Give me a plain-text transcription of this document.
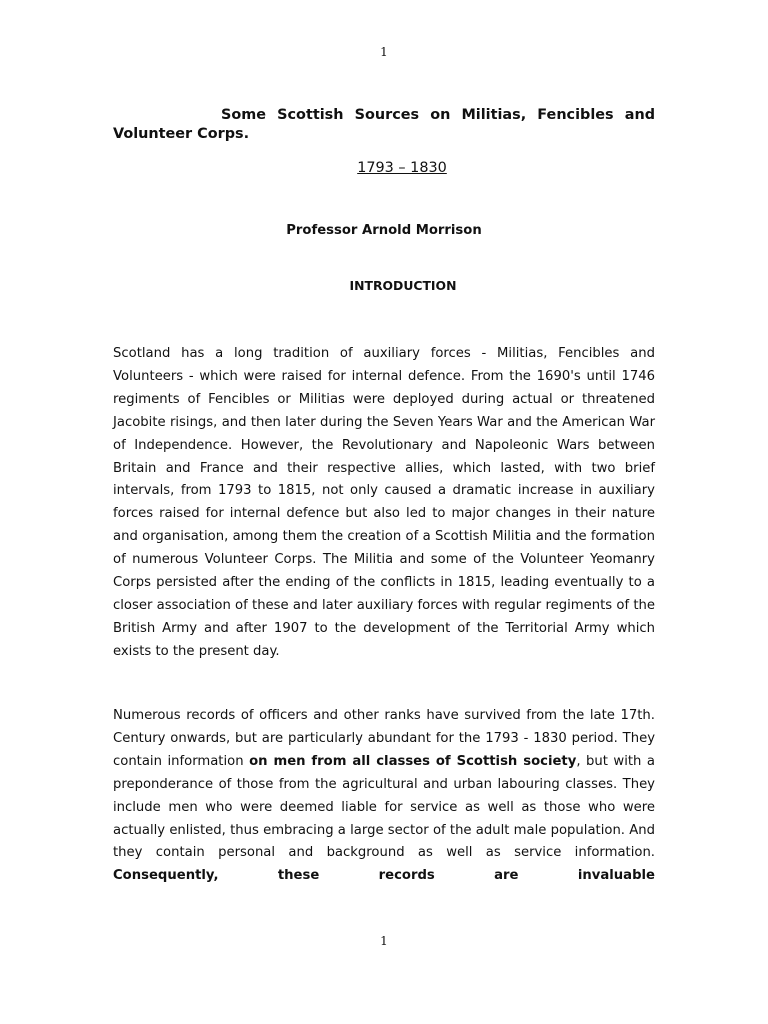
1
Some Scottish Sources on Militias, Fencibles and Volunteer Corps.

1793 – 1830

Professor Arnold Morrison

INTRODUCTION

Scotland has a long tradition of auxiliary forces - Militias, Fencibles and Volunteers - which were raised for internal defence. From the 1690's until 1746 regiments of Fencibles or Militias were deployed during actual or threatened Jacobite risings, and then later during the Seven Years War and the American War of Independence. However, the Revolutionary and Napoleonic Wars between Britain and France and their respective allies, which lasted, with two brief intervals, from 1793 to 1815, not only caused a dramatic increase in auxiliary forces raised for internal defence but also led to major changes in their nature and organisation, among them the creation of a Scottish Militia and the formation of numerous Volunteer Corps. The Militia and some of the Volunteer Yeomanry Corps persisted after the ending of the conflicts in 1815, leading eventually to a closer association of these and later auxiliary forces with regular regiments of the British Army and after 1907 to the development of the Territorial Army which exists to the present day.

Numerous records of officers and other ranks have survived from the late 17th. Century onwards, but are particularly abundant for the 1793 - 1830 period. They contain information on men from all classes of Scottish society, but with a preponderance of those from the agricultural and urban labouring classes. They include men who were deemed liable for service as well as those who were actually enlisted, thus embracing a large sector of the adult male population. And they contain personal and background as well as service information. Consequently, these records are invaluable

1
